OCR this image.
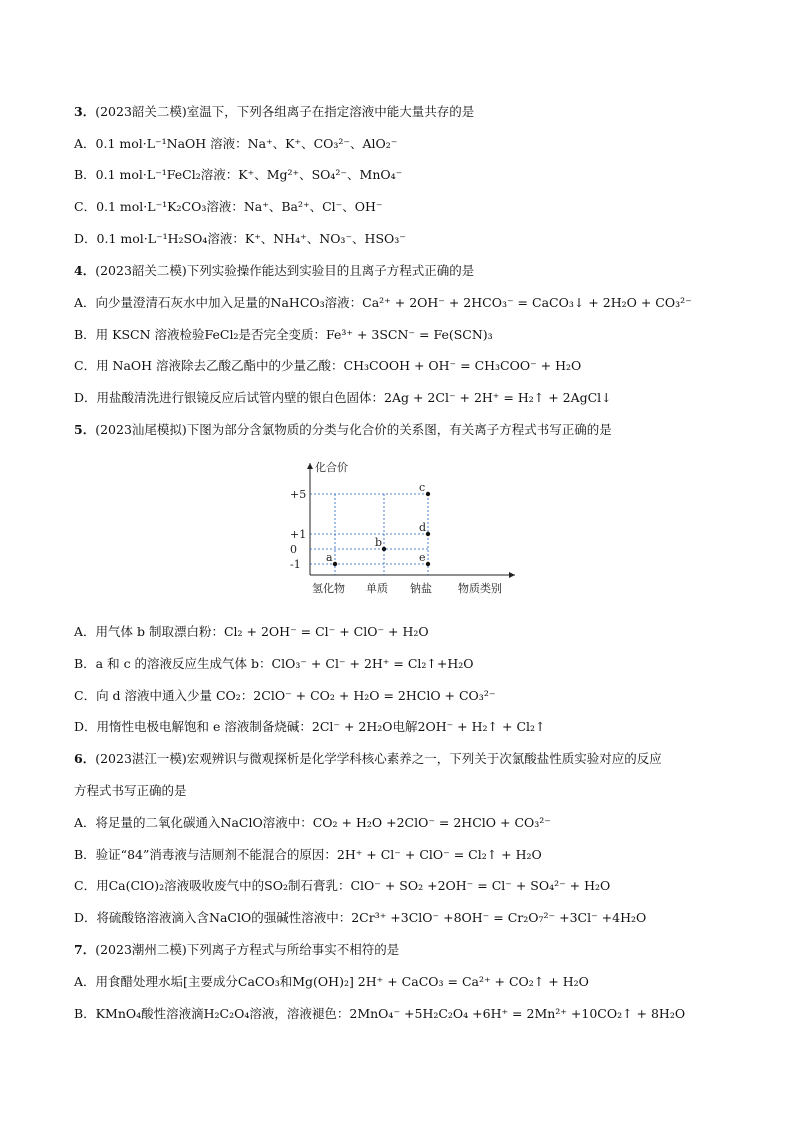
3．(2023韶关二模)室温下，下列各组离子在指定溶液中能大量共存的是
A．0.1 mol·L⁻¹NaOH 溶液：Na⁺、K⁺、CO₃²⁻、AlO₂⁻
B．0.1 mol·L⁻¹FeCl₂溶液：K⁺、Mg²⁺、SO₄²⁻、MnO₄⁻
C．0.1 mol·L⁻¹K₂CO₃溶液：Na⁺、Ba²⁺、Cl⁻、OH⁻
D．0.1 mol·L⁻¹H₂SO₄溶液：K⁺、NH₄⁺、NO₃⁻、HSO₃⁻
4．(2023韶关二模)下列实验操作能达到实验目的且离子方程式正确的是
A．向少量澄清石灰水中加入足量的NaHCO₃溶液：Ca²⁺ + 2OH⁻ + 2HCO₃⁻ = CaCO₃↓ + 2H₂O + CO₃²⁻
B．用 KSCN 溶液检验FeCl₂是否完全变质：Fe³⁺ + 3SCN⁻ = Fe(SCN)₃
C．用 NaOH 溶液除去乙酸乙酯中的少量乙酸：CH₃COOH + OH⁻ = CH₃COO⁻ + H₂O
D．用盐酸清洗进行银镜反应后试管内壁的银白色固体：2Ag + 2Cl⁻ + 2H⁺ = H₂↑ + 2AgCl↓
5．(2023汕尾模拟)下图为部分含氯物质的分类与化合价的关系图，有关离子方程式书写正确的是
化合价
物质类别
+5
+1
0
-1
氢化物 单质 钠盐
a
b
c
d
e
A．用气体 b 制取漂白粉：Cl₂ + 2OH⁻ = Cl⁻ + ClO⁻ + H₂O
B．a 和 c 的溶液反应生成气体 b：ClO₃⁻ + Cl⁻ + 2H⁺ = Cl₂↑+H₂O
C．向 d 溶液中通入少量 CO₂：2ClO⁻ + CO₂ + H₂O = 2HClO + CO₃²⁻
D．用惰性电极电解饱和 e 溶液制备烧碱：2Cl⁻ + 2H₂O电解2OH⁻ + H₂↑ + Cl₂↑
6．(2023湛江一模)宏观辨识与微观探析是化学学科核心素养之一，下列关于次氯酸盐性质实验对应的反应
方程式书写正确的是
A．将足量的二氧化碳通入NaClO溶液中：CO₂ + H₂O +2ClO⁻ = 2HClO + CO₃²⁻
B．验证“84”消毒液与洁厕剂不能混合的原因：2H⁺ + Cl⁻ + ClO⁻ = Cl₂↑ + H₂O
C．用Ca(ClO)₂溶液吸收废气中的SO₂制石膏乳：ClO⁻ + SO₂ +2OH⁻ = Cl⁻ + SO₄²⁻ + H₂O
D．将硫酸铬溶液滴入含NaClO的强碱性溶液中：2Cr³⁺ +3ClO⁻ +8OH⁻ = Cr₂O₇²⁻ +3Cl⁻ +4H₂O
7．(2023潮州二模)下列离子方程式与所给事实不相符的是
A．用食醋处理水垢[主要成分CaCO₃和Mg(OH)₂] 2H⁺ + CaCO₃ = Ca²⁺ + CO₂↑ + H₂O
B．KMnO₄酸性溶液滴H₂C₂O₄溶液，溶液褪色：2MnO₄⁻ +5H₂C₂O₄ +6H⁺ = 2Mn²⁺ +10CO₂↑ + 8H₂O
